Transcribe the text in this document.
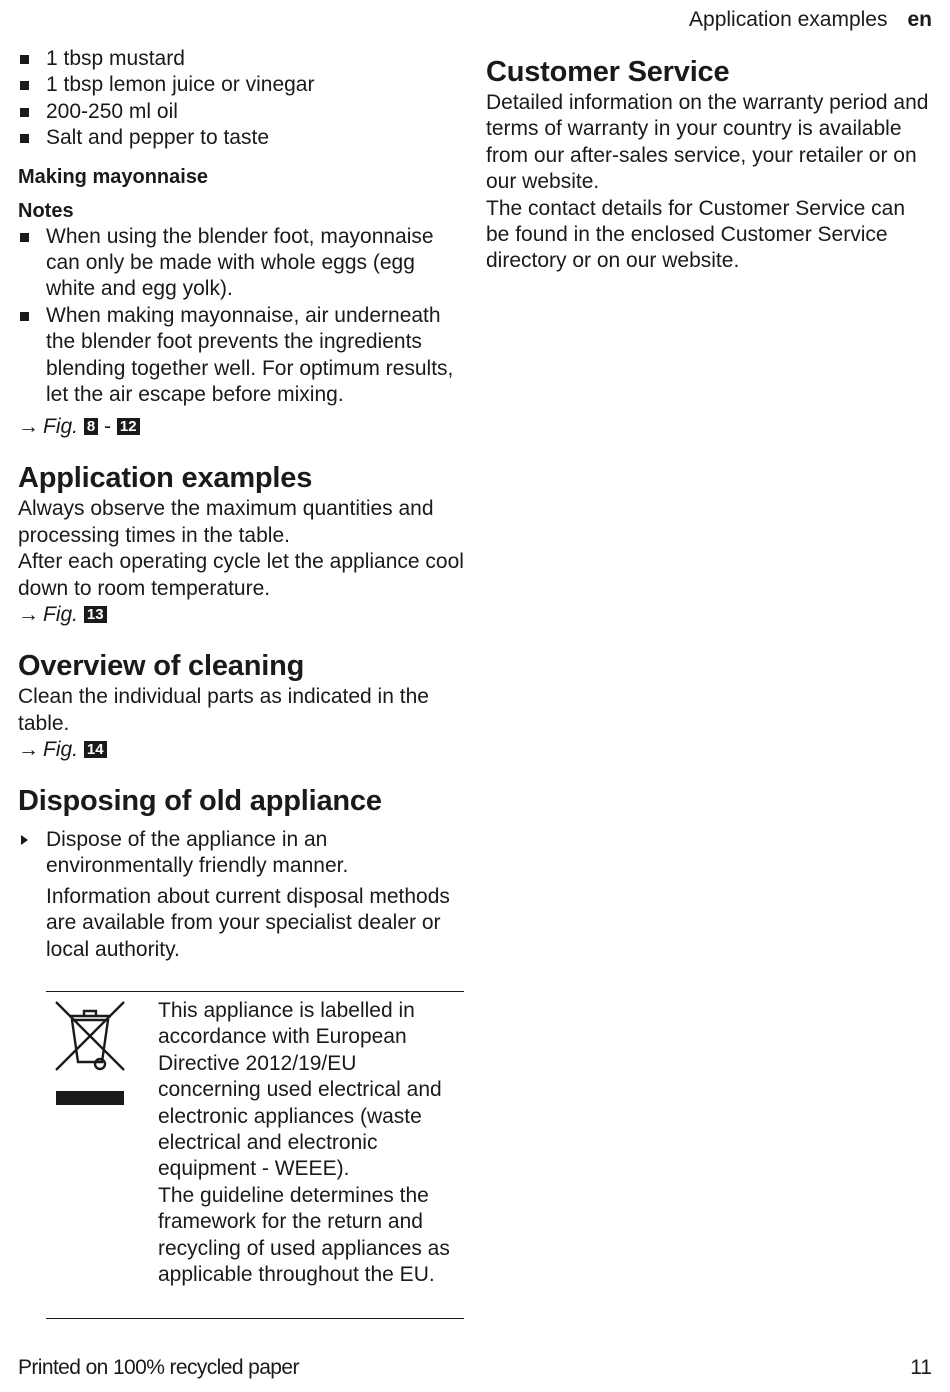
Application examples en
1 tbsp mustard
1 tbsp lemon juice or vinegar
200-250 ml oil
Salt and pepper to taste

Making mayonnaise

Notes

When using the blender foot, mayonnaise can only be made with whole eggs (egg white and egg yolk).
When making mayonnaise, air underneath the blender foot prevents the ingredients blending together well. For optimum results, let the air escape before mixing.

→ Fig. 8 - 12

Application examples

Always observe the maximum quantities and processing times in the table.

After each operating cycle let the appliance cool down to room temperature.

→ Fig. 13

Overview of cleaning

Clean the individual parts as indicated in the table.

→ Fig. 14

Disposing of old appliance

Dispose of the appliance in an environmentally friendly manner.

Information about current disposal methods are available from your specialist dealer or local authority.

This appliance is labelled in accordance with European Directive 2012/19/EU concerning used electrical and electronic appliances (waste electrical and electronic equipment - WEEE).
The guideline determines the framework for the return and recycling of used appliances as applicable throughout the EU.
Customer Service

Detailed information on the warranty period and terms of warranty in your country is available from our after-sales service, your retailer or on our website.

The contact details for Customer Service can be found in the enclosed Customer Service directory or on our website.

Printed on 100% recycled paper	11
